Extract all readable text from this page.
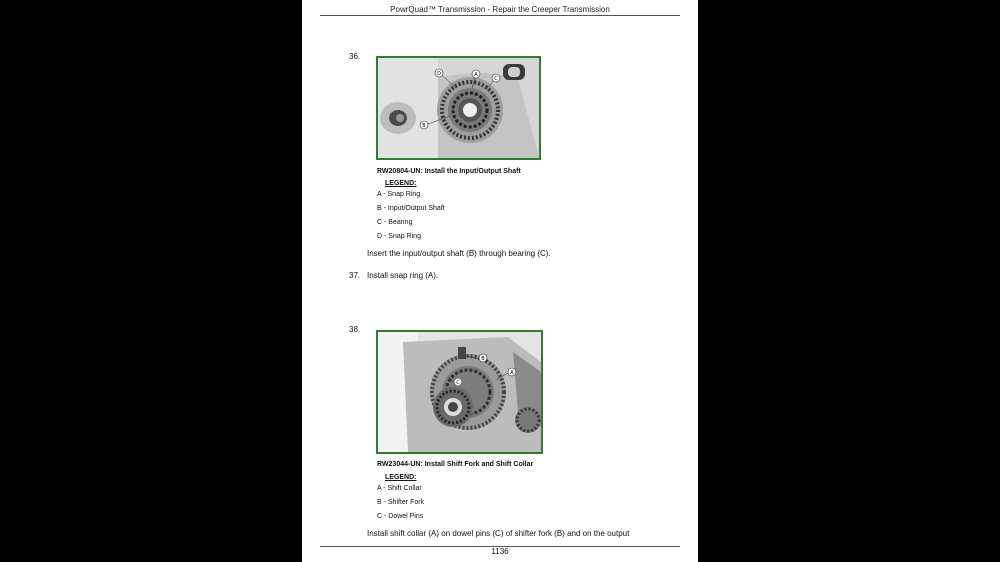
PowrQuad™ Transmission - Repair the Creeper Transmission
36.
D	A
C
B
RW20804-UN: Install the Input/Output Shaft
LEGEND:
A - Snap Ring
B - Input/Output Shaft
C - Bearing
D - Snap Ring
Insert the input/output shaft (B) through bearing (C).
37. Install snap ring (A).
38.
B
A
C
RW23044-UN: Install Shift Fork and Shift Collar
LEGEND:
A - Shift Collar
B - Shifter Fork
C - Dowel Pins
Install shift collar (A) on dowel pins (C) of shifter fork (B) and on the output
1136
